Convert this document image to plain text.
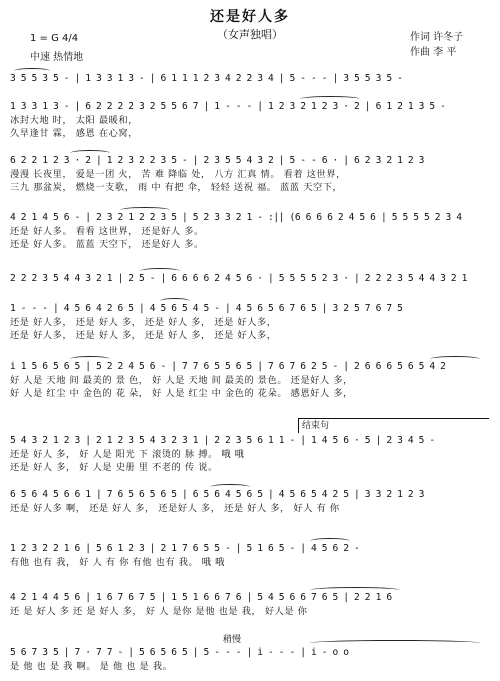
还是好人多
（女声独唱）
1 = G 4/4
中速 热情地
作词 许冬子
作曲 李 平
3 5 5 3 5 - | 1 3 3 1 3 - | 6 1 1 1 2 3 4 2 2 3 4 | 5 - - - | 3 5 5 3 5 -
1 3 3 1 3 - | 6 2 2 2 2 3 2 5 5 6 7 | 1 - - - | 1 2 3 2 1 2 3 · 2 | 6 1 2 1 3 5 -
冰封大地 时， 太阳 最暖和，
久旱逢甘 霖， 感恩 在心窝，
6 2 2 1 2 3 · 2 | 1 2 3 2 2 3 5 - | 2 3 5 5 4 3 2 | 5 - - 6 · | 6 2 3 2 1 2 3
漫漫 长夜里， 爱是一团 火， 苦 难 降临 处， 八方 汇真 情。 看着 这世界，
三九 那盆炭， 燃烧一支歌， 雨 中 有把 伞， 轻轻 送祝 福。 蓝蓝 天空下，
4 2 1 4 5 6 - | 2 3 2 1 2 2 3 5 | 5 2 3 3 2 1 - :|| (6 6 6 6 2 4 5 6 | 5 5 5 5 2 3 4
还是 好人多。 看看 这世界， 还是好人 多。
还是 好人多。 蓝蓝 天空下， 还是好人 多。
2 2 2 3 5 4 4 3 2 1 | 2 5 - | 6 6 6 6 2 4 5 6 · | 5 5 5 5 2 3 · | 2 2 2 3 5 4 4 3 2 1
1 - - - | 4 5 6 4 2 6 5 | 4 5 6 5 4 5 - | 4 5 6 5 6 7 6 5 | 3 2 5 7 6 7 5
还是 好人多， 还是 好人 多， 还是 好人 多， 还是 好人多，
还是 好人多， 还是 好人 多， 还是 好人 多， 还是 好人多，
i 1 5 6 5 6 5 | 5 2 2 4 5 6 - | 7 7 6 5 5 6 5 | 7 6 7 6 2 5 - | 2 6 6 6 5 6 5 4 2
好 人是 天地 间 最美的 景 色， 好 人是 天地 间 最美的 景色。 还是好人 多，
好 人是 红尘 中 金色的 花 朵， 好 人是 红尘 中 金色的 花朵。 感恩好人 多，
结束句
5 4 3 2 1 2 3 | 2 1 2 3 5 4 3 2 3 1 | 2 2 3 5 6 1 1 - | 1 4 5 6 · 5 | 2 3 4 5 -
还是 好人 多， 好 人是 阳光 下 滚烫的 脉 搏。 哦 哦
还是 好人 多， 好 人是 史册 里 不老的 传 说。
6 5 6 4 5 6 6 1 | 7 6 5 6 5 6 5 | 6 5 6 4 5 6 5 | 4 5 6 5 4 2 5 | 3 3 2 1 2 3
还是 好人多 啊， 还是 好人 多， 还是好人 多， 还是 好人 多， 好人 有 你
1 2 3 2 2 1 6 | 5 6 1 2 3 | 2 1 7 6 5 5 - | 5 1 6 5 - | 4 5 6 2 -
有他 也有 我， 好 人 有 你 有他 也有 我。 哦 哦
4 2 1 4 4 5 6 | 1 6 7 6 7 5 | 1 5 1 6 6 7 6 | 5 4 5 6 6 7 6 5 | 2 2 1 6
还 是 好人 多 还 是 好人 多， 好 人 是你 是他 也是 我， 好人是 你
稍慢
5 6 7 3 5 | 7 · 7 7 - | 5 6 5 6 5 | 5 - - - | i - - - | i - o o
是 他 也 是 我 啊。 是 他 也 是 我。
